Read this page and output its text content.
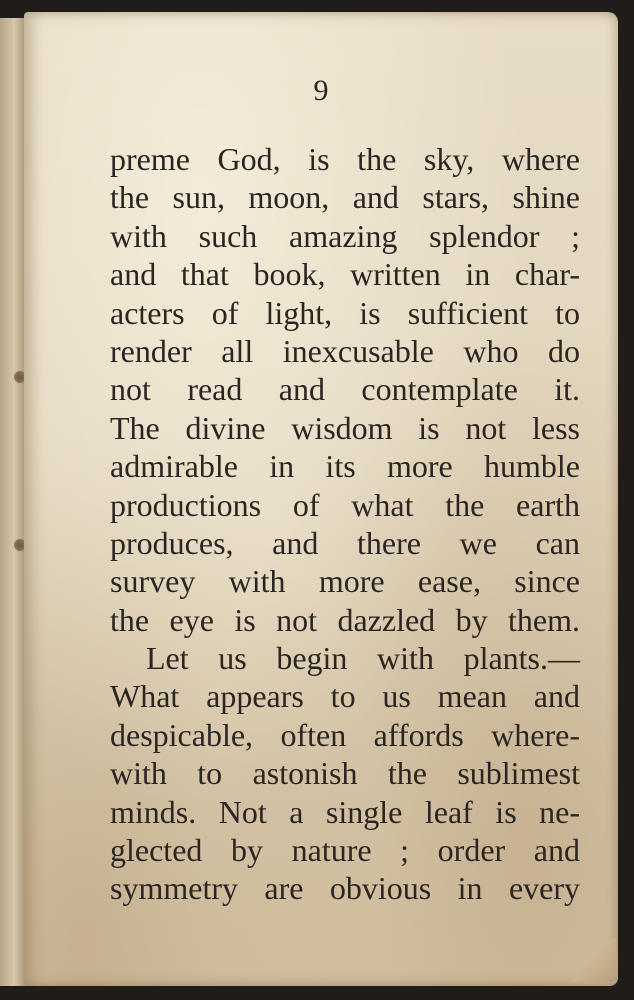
9
preme God, is the sky, where
the sun, moon, and stars, shine
with such amazing splendor ;
and that book, written in char-
acters of light, is sufficient to
render all inexcusable who do
not read and contemplate it.
The divine wisdom is not less
admirable in its more humble
productions of what the earth
produces, and there we can
survey with more ease, since
the eye is not dazzled by them.
Let us begin with plants.—
What appears to us mean and
despicable, often affords where-
with to astonish the sublimest
minds. Not a single leaf is ne-
glected by nature ; order and
symmetry are obvious in every
